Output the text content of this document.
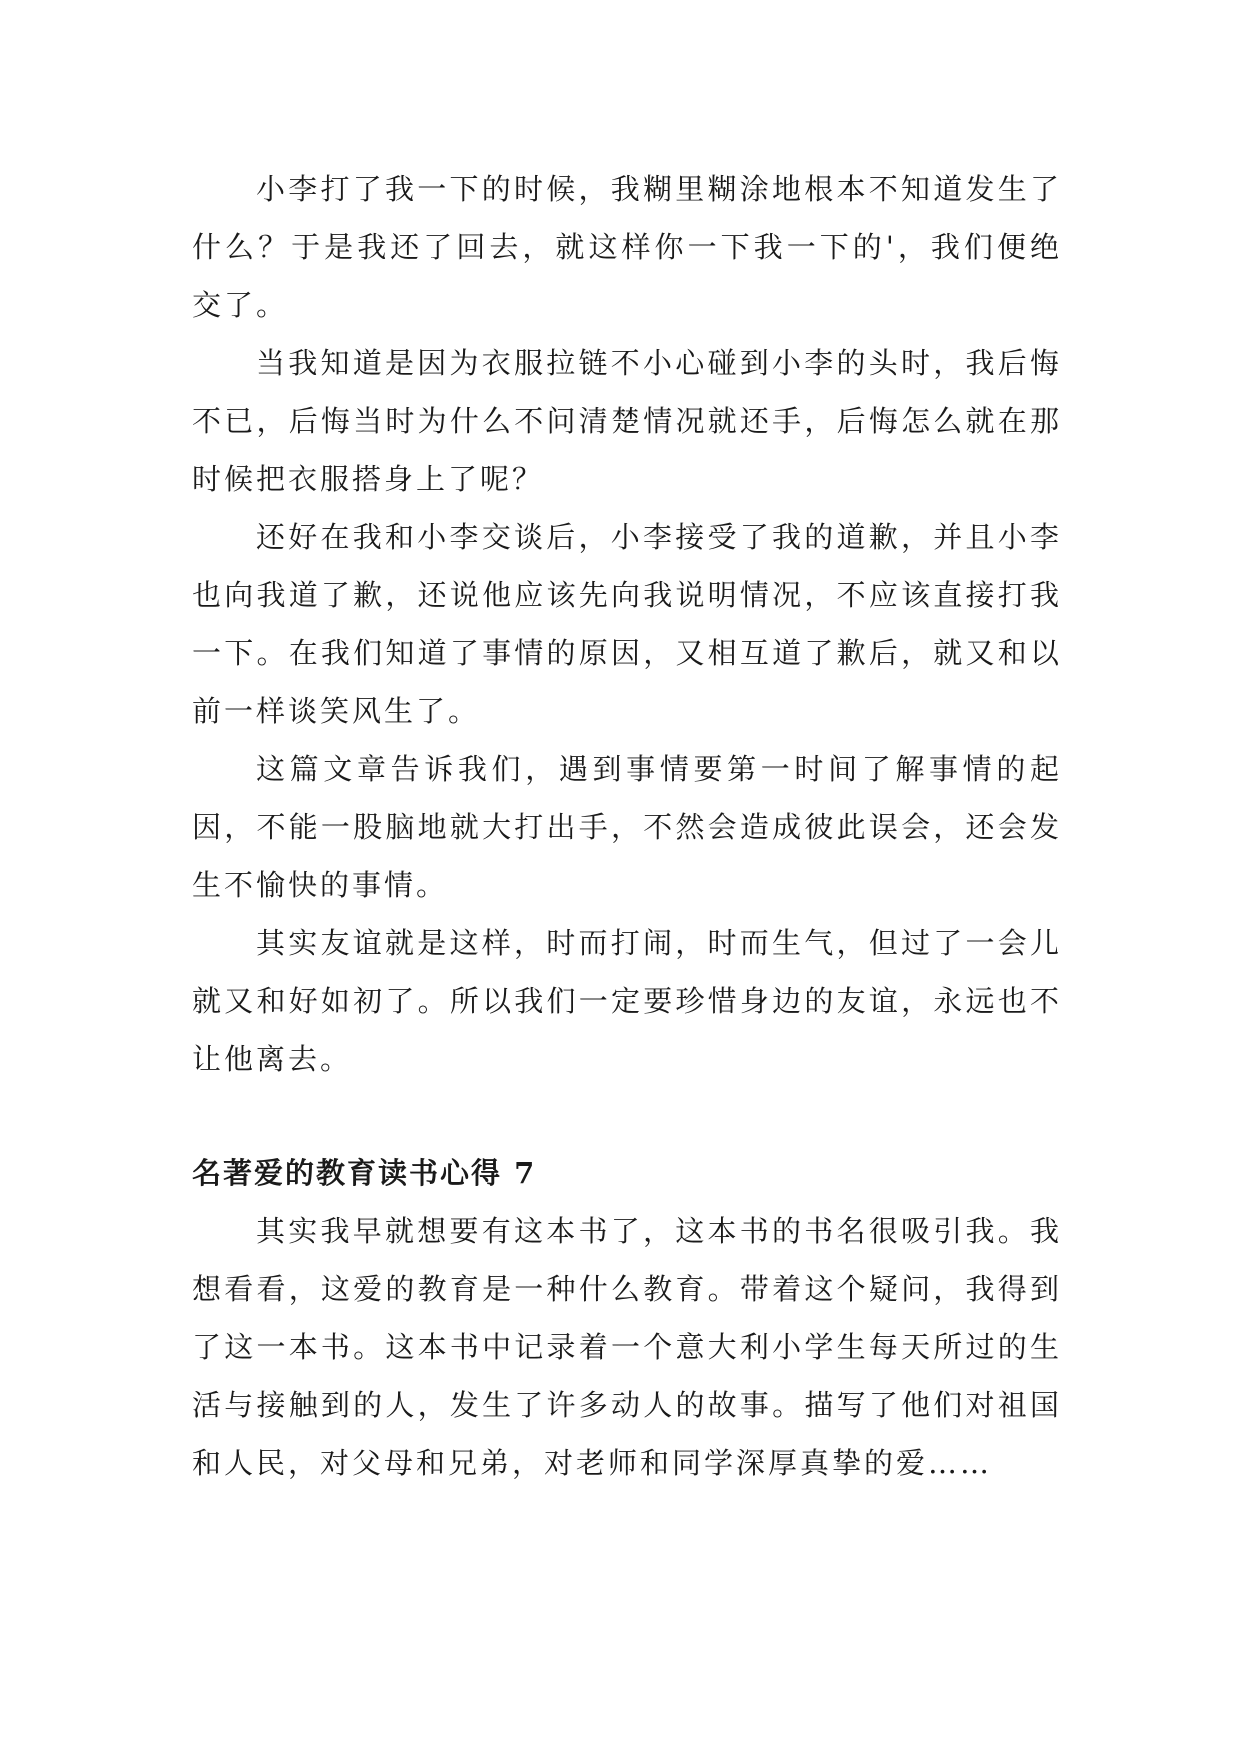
小李打了我一下的时候，我糊里糊涂地根本不知道发生了什么？于是我还了回去，就这样你一下我一下的'，我们便绝交了。

当我知道是因为衣服拉链不小心碰到小李的头时，我后悔不已，后悔当时为什么不问清楚情况就还手，后悔怎么就在那时候把衣服搭身上了呢？

还好在我和小李交谈后，小李接受了我的道歉，并且小李也向我道了歉，还说他应该先向我说明情况，不应该直接打我一下。在我们知道了事情的原因，又相互道了歉后，就又和以前一样谈笑风生了。

这篇文章告诉我们，遇到事情要第一时间了解事情的起因，不能一股脑地就大打出手，不然会造成彼此误会，还会发生不愉快的事情。

其实友谊就是这样，时而打闹，时而生气，但过了一会儿就又和好如初了。所以我们一定要珍惜身边的友谊，永远也不让他离去。

名著爱的教育读书心得 7

其实我早就想要有这本书了，这本书的书名很吸引我。我想看看，这爱的教育是一种什么教育。带着这个疑问，我得到了这一本书。这本书中记录着一个意大利小学生每天所过的生活与接触到的人，发生了许多动人的故事。描写了他们对祖国和人民，对父母和兄弟，对老师和同学深厚真挚的爱……
